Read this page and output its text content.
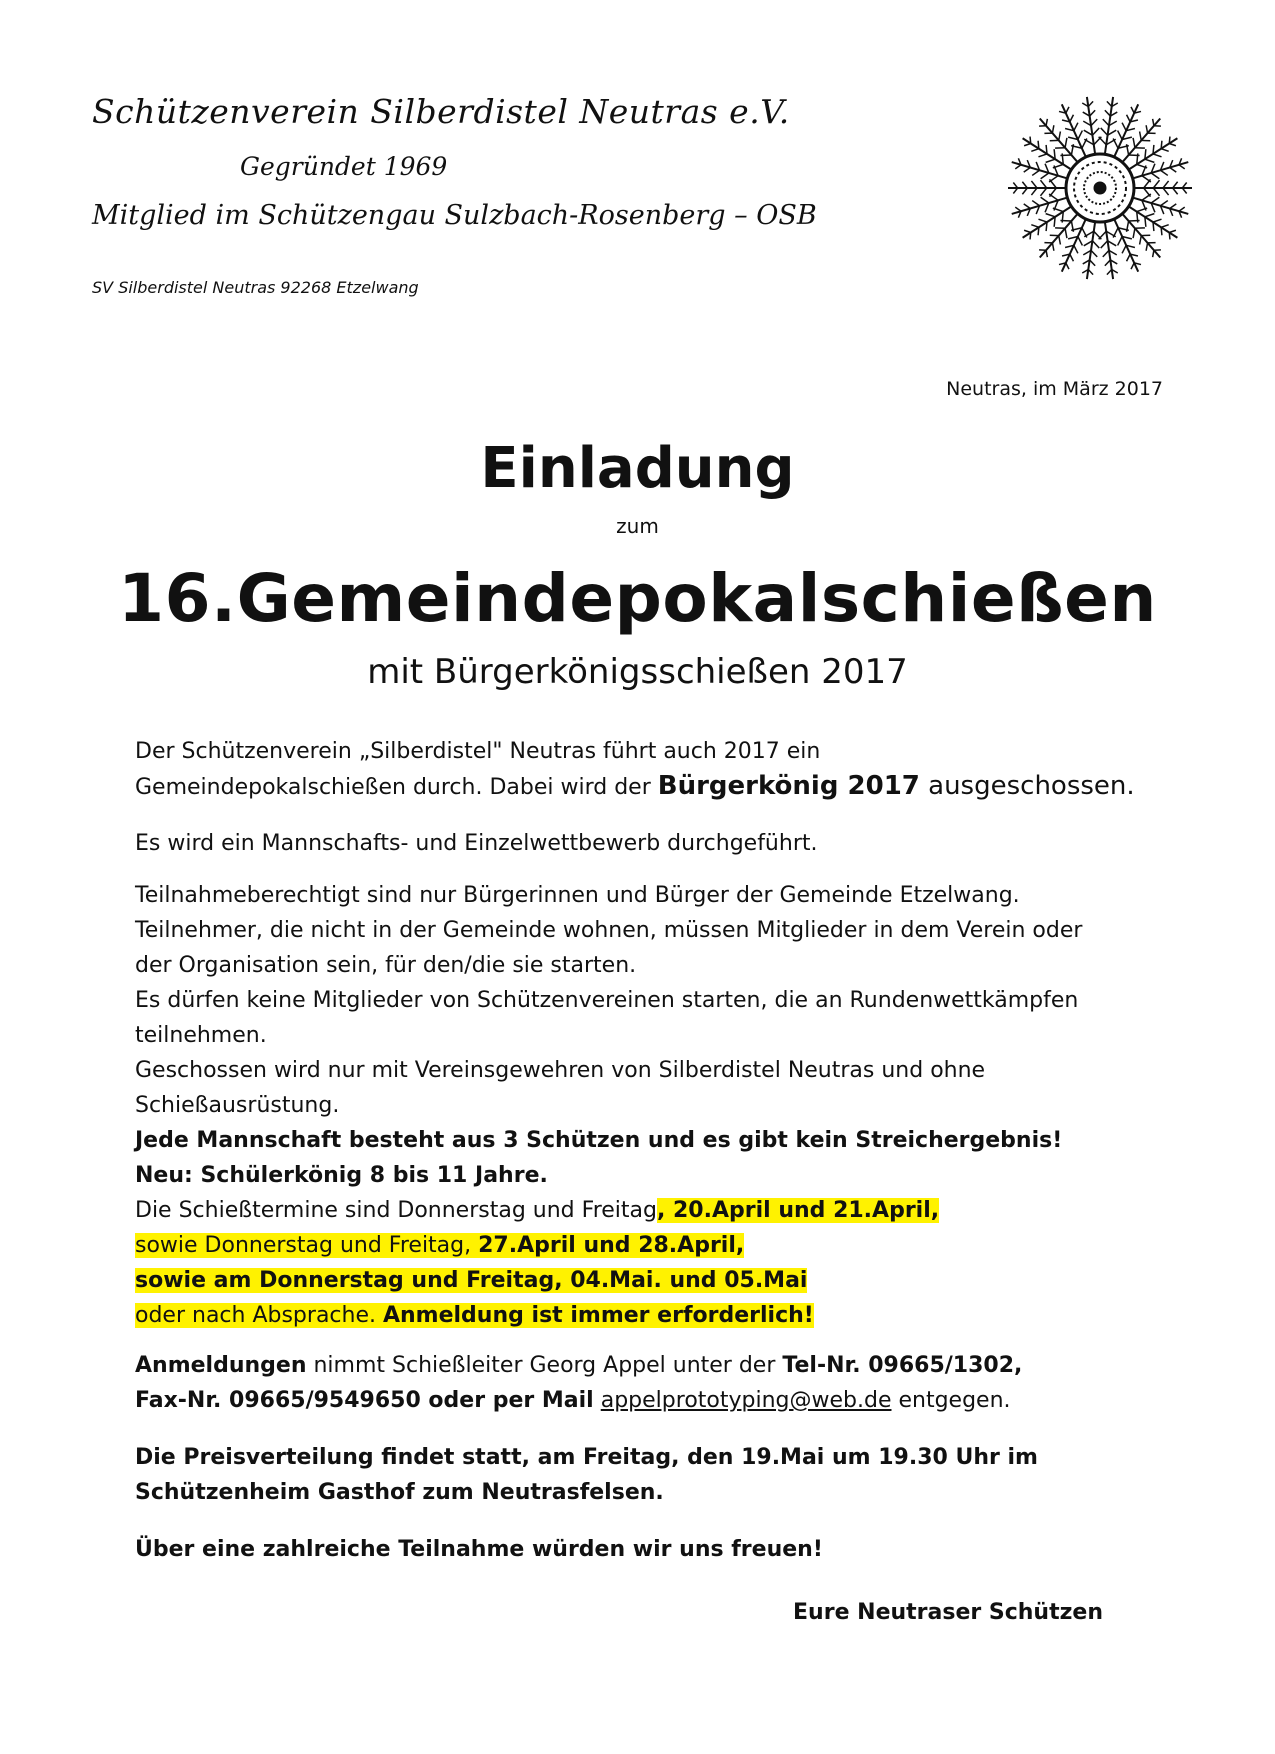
Schützenverein Silberdistel Neutras e.V.
Gegründet 1969
Mitglied im Schützengau Sulzbach-Rosenberg – OSB
SV Silberdistel Neutras 92268 Etzelwang
Neutras, im März 2017
Einladung
zum
16.Gemeindepokalschießen
mit Bürgerkönigsschießen 2017

Der Schützenverein „Silberdistel" Neutras führt auch 2017 ein

Gemeindepokalschießen durch. Dabei wird der Bürgerkönig 2017 ausgeschossen.

Es wird ein Mannschafts- und Einzelwettbewerb durchgeführt.

Teilnahmeberechtigt sind nur Bürgerinnen und Bürger der Gemeinde Etzelwang.

Teilnehmer, die nicht in der Gemeinde wohnen, müssen Mitglieder in dem Verein oder

der Organisation sein, für den/die sie starten.

Es dürfen keine Mitglieder von Schützenvereinen starten, die an Rundenwettkämpfen

teilnehmen.

Geschossen wird nur mit Vereinsgewehren von Silberdistel Neutras und ohne

Schießausrüstung.

Jede Mannschaft besteht aus 3 Schützen und es gibt kein Streichergebnis!

Neu: Schülerkönig 8 bis 11 Jahre.

Die Schießtermine sind Donnerstag und Freitag, 20.April und 21.April,

sowie Donnerstag und Freitag, 27.April und 28.April,

sowie am Donnerstag und Freitag, 04.Mai. und 05.Mai

oder nach Absprache. Anmeldung ist immer erforderlich!

Anmeldungen nimmt Schießleiter Georg Appel unter der Tel-Nr. 09665/1302,

Fax-Nr. 09665/9549650 oder per Mail appelprototyping@web.de entgegen.

Die Preisverteilung findet statt, am Freitag, den 19.Mai um 19.30 Uhr im

Schützenheim Gasthof zum Neutrasfelsen.

Über eine zahlreiche Teilnahme würden wir uns freuen!
Eure Neutraser Schützen
